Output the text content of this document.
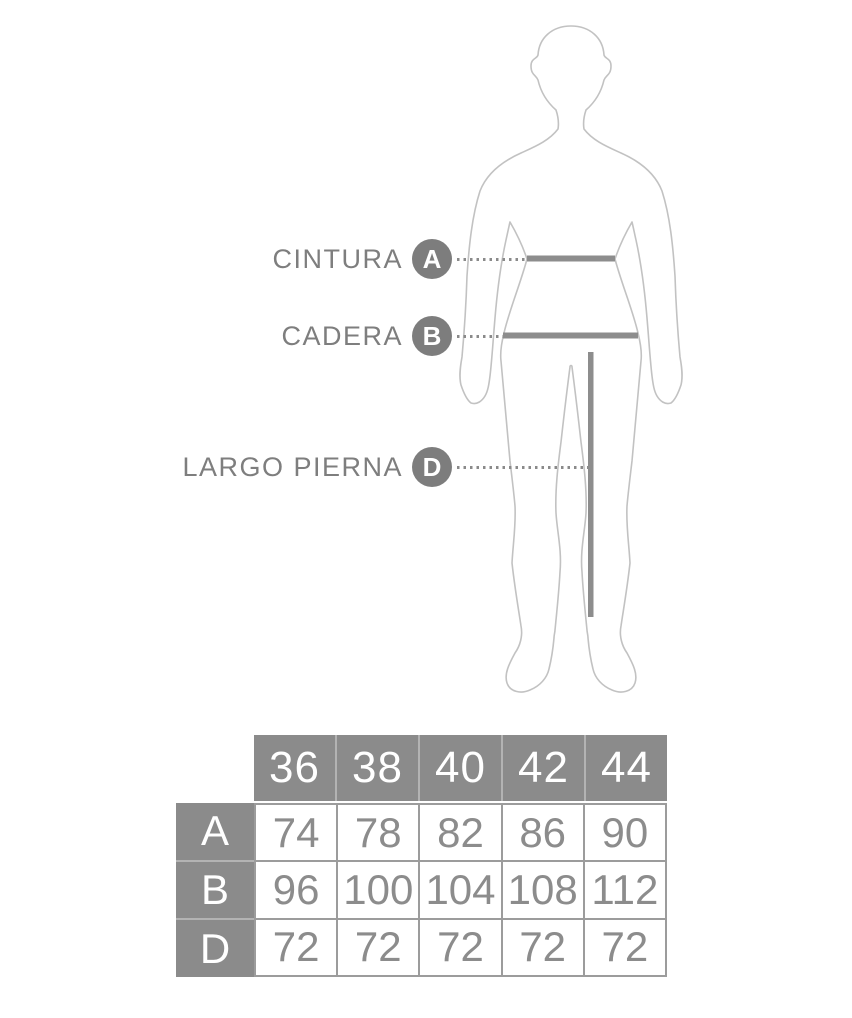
CINTURA A
CADERA B
LARGO PIERNA D
36 38 40 42 44
A
B
D
74 78 82 86 90
96 100 104 108 112
72 72 72 72 72
